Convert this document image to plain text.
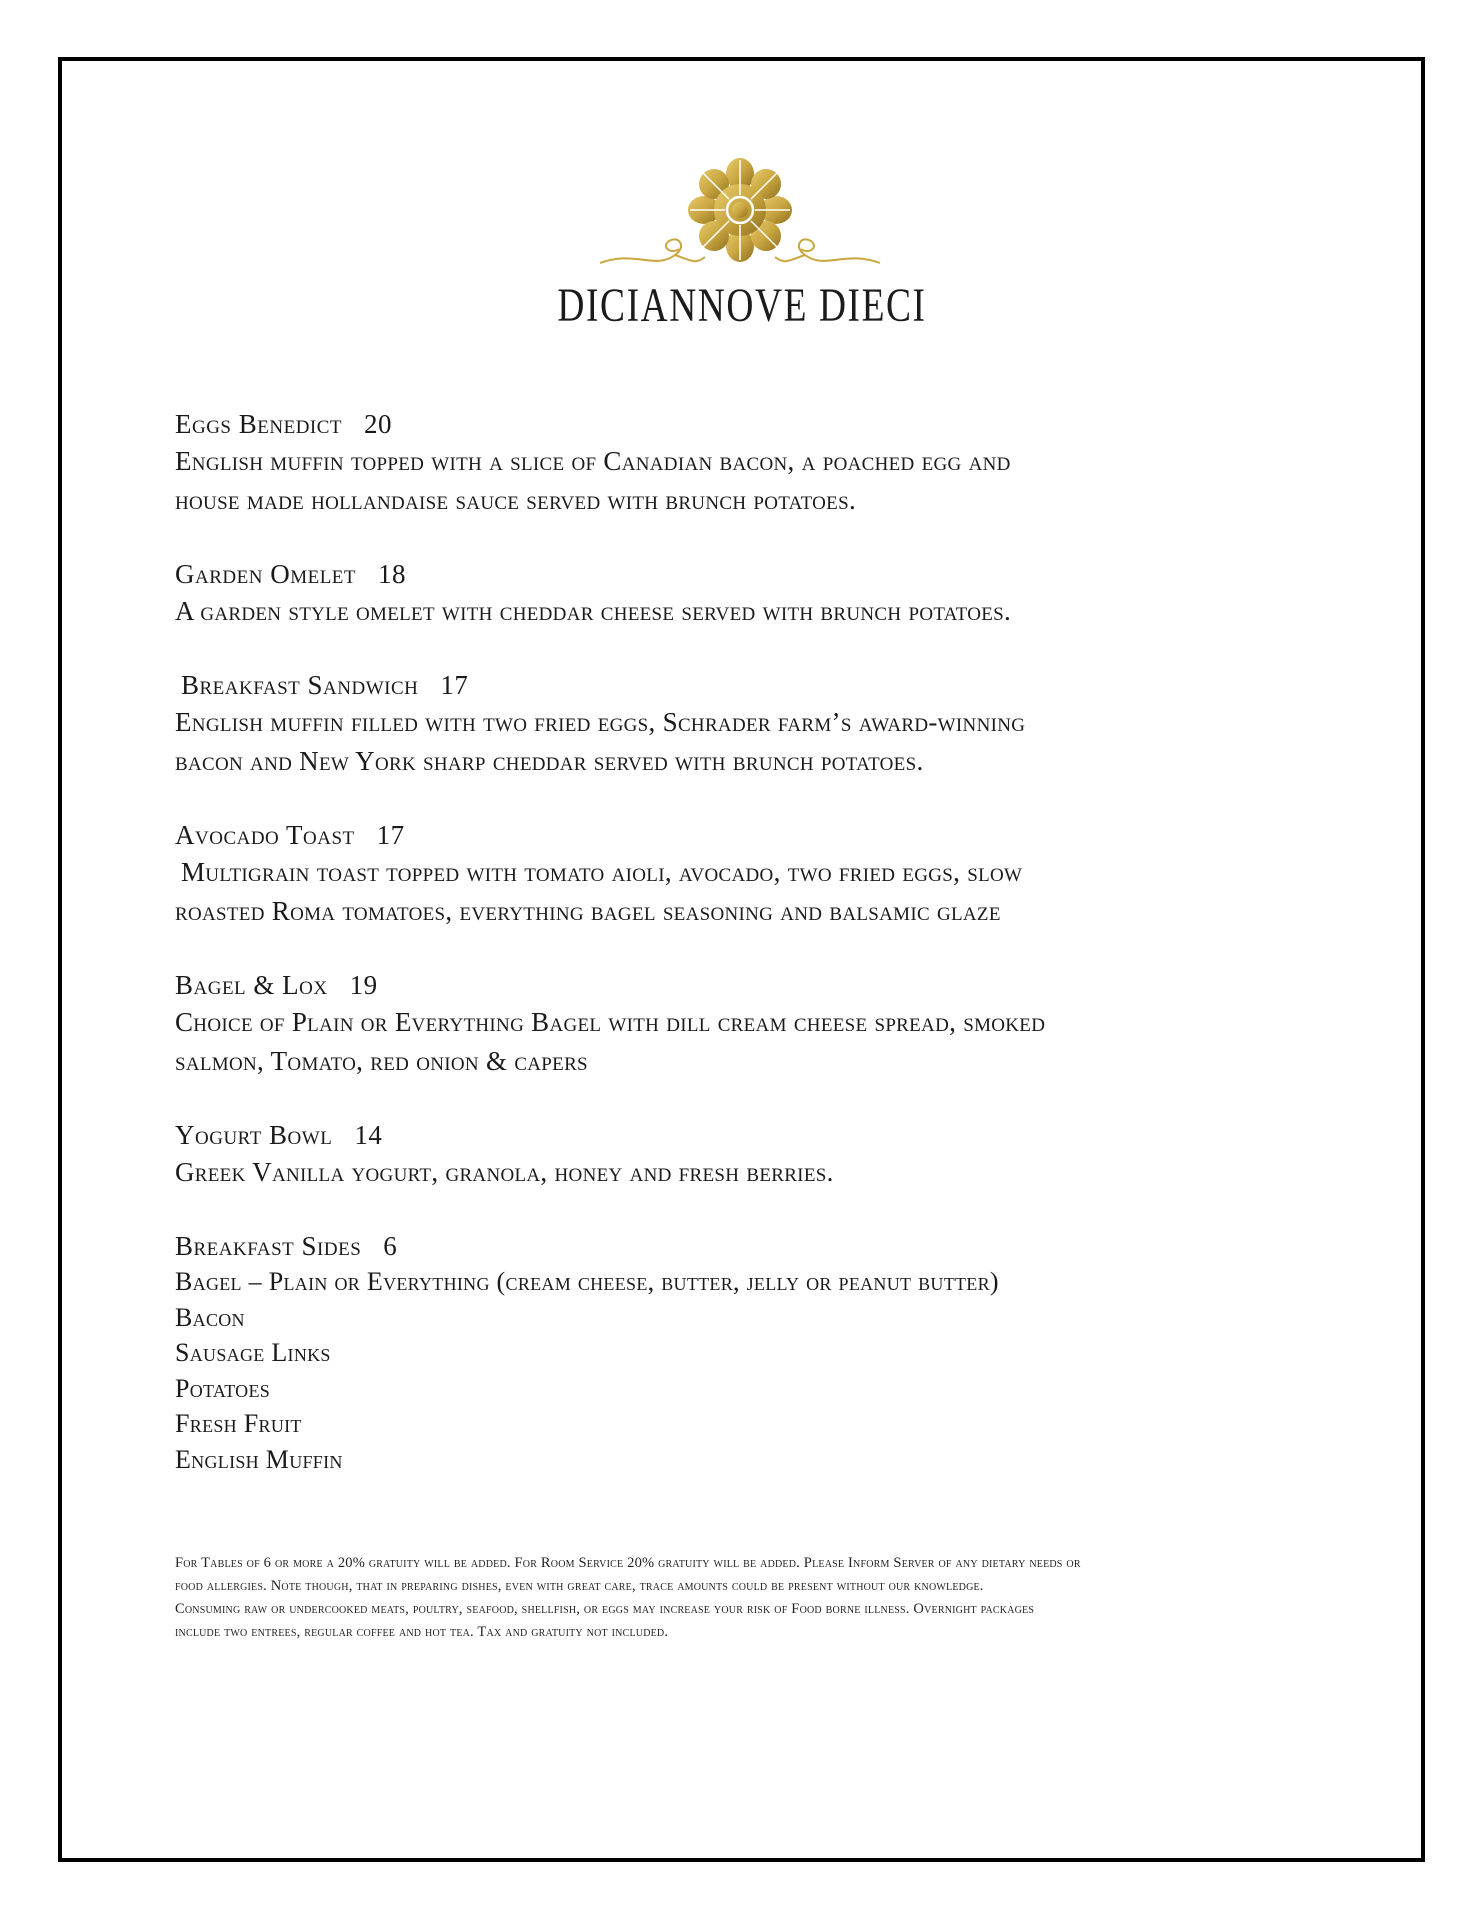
DICIANNOVE DIECI
Eggs Benedict 20
English muffin topped with a slice of Canadian bacon, a poached egg and
house made hollandaise sauce served with brunch potatoes.
Garden Omelet 18
A garden style omelet with cheddar cheese served with brunch potatoes.
Breakfast Sandwich 17
English muffin filled with two fried eggs, Schrader farm’s award-winning
bacon and New York sharp cheddar served with brunch potatoes.
Avocado Toast 17
Multigrain toast topped with tomato aioli, avocado, two fried eggs, slow
roasted Roma tomatoes, everything bagel seasoning and balsamic glaze
Bagel & Lox 19
Choice of Plain or Everything Bagel with dill cream cheese spread, smoked
salmon, Tomato, red onion & capers
Yogurt Bowl 14
Greek Vanilla yogurt, granola, honey and fresh berries.
Breakfast Sides 6
Bagel – Plain or Everything (cream cheese, butter, jelly or peanut butter)
Bacon
Sausage Links
Potatoes
Fresh Fruit
English Muffin
For Tables of 6 or more a 20% gratuity will be added. For Room Service 20% gratuity will be added. Please Inform Server of any dietary needs or
food allergies. Note though, that in preparing dishes, even with great care, trace amounts could be present without our knowledge.
Consuming raw or undercooked meats, poultry, seafood, shellfish, or eggs may increase your risk of Food borne illness. Overnight packages
include two entrees, regular coffee and hot tea. Tax and gratuity not included.
